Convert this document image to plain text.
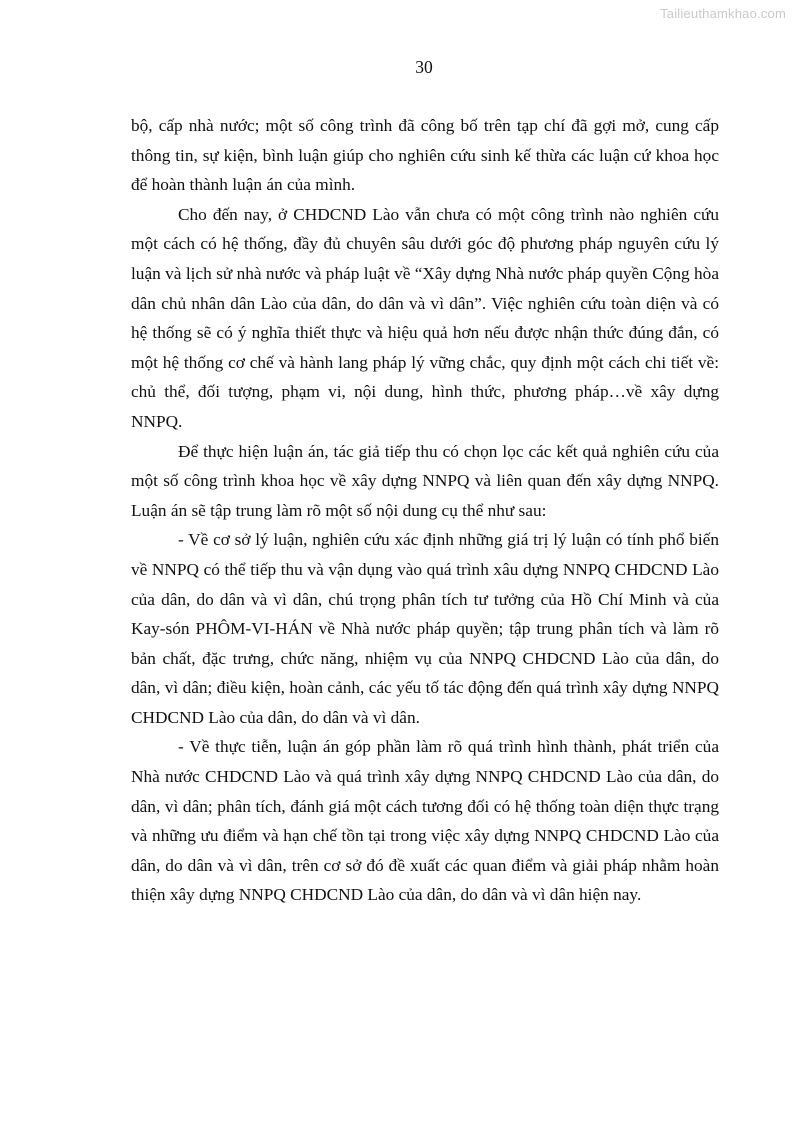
Tailieuthamkhao.com
30

bộ, cấp nhà nước; một số công trình đã công bố trên tạp chí đã gợi mở, cung cấp thông tin, sự kiện, bình luận giúp cho nghiên cứu sinh kế thừa các luận cứ khoa học để hoàn thành luận án của mình.

Cho đến nay, ở CHDCND Lào vẫn chưa có một công trình nào nghiên cứu một cách có hệ thống, đầy đủ chuyên sâu dưới góc độ phương pháp nguyên cứu lý luận và lịch sử nhà nước và pháp luật về “Xây dựng Nhà nước pháp quyền Cộng hòa dân chủ nhân dân Lào của dân, do dân và vì dân”. Việc nghiên cứu toàn diện và có hệ thống sẽ có ý nghĩa thiết thực và hiệu quả hơn nếu được nhận thức đúng đắn, có một hệ thống cơ chế và hành lang pháp lý vững chắc, quy định một cách chi tiết về: chủ thể, đối tượng, phạm vi, nội dung, hình thức, phương pháp…về xây dựng NNPQ.

Để thực hiện luận án, tác giả tiếp thu có chọn lọc các kết quả nghiên cứu của một số công trình khoa học về xây dựng NNPQ và liên quan đến xây dựng NNPQ. Luận án sẽ tập trung làm rõ một số nội dung cụ thể như sau:

- Về cơ sở lý luận, nghiên cứu xác định những giá trị lý luận có tính phổ biến về NNPQ có thể tiếp thu và vận dụng vào quá trình xâu dựng NNPQ CHDCND Lào của dân, do dân và vì dân, chú trọng phân tích tư tưởng của Hồ Chí Minh và của Kay-són PHÔM-VI-HÁN về Nhà nước pháp quyền; tập trung phân tích và làm rõ bản chất, đặc trưng, chức năng, nhiệm vụ của NNPQ CHDCND Lào của dân, do dân, vì dân; điều kiện, hoàn cảnh, các yếu tố tác động đến quá trình xây dựng NNPQ CHDCND Lào của dân, do dân và vì dân.

- Về thực tiễn, luận án góp phần làm rõ quá trình hình thành, phát triển của Nhà nước CHDCND Lào và quá trình xây dựng NNPQ CHDCND Lào của dân, do dân, vì dân; phân tích, đánh giá một cách tương đối có hệ thống toàn diện thực trạng và những ưu điểm và hạn chế tồn tại trong việc xây dựng NNPQ CHDCND Lào của dân, do dân và vì dân, trên cơ sở đó đề xuất các quan điểm và giải pháp nhằm hoàn thiện xây dựng NNPQ CHDCND Lào của dân, do dân và vì dân hiện nay.
